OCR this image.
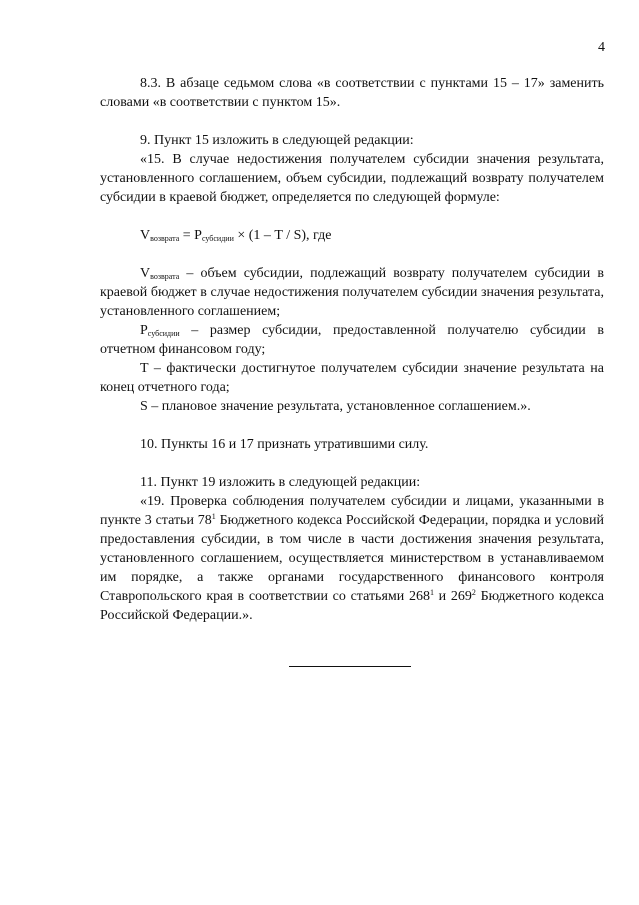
4

8.3. В абзаце седьмом слова «в соответствии с пунктами 15 – 17» заменить словами «в соответствии с пунктом 15».

9. Пункт 15 изложить в следующей редакции:

«15. В случае недостижения получателем субсидии значения результата, установленного соглашением, объем субсидии, подлежащий возврату получателем субсидии в краевой бюджет, определяется по следующей формуле:

$V_{возврата} = P_{субсидии} \times (1 - T / S)$, где

$V_{возврата}$ – объем субсидии, подлежащий возврату получателем субсидии в краевой бюджет в случае недостижения получателем субсидии значения результата, установленного соглашением;

$P_{субсидии}$ – размер субсидии, предоставленной получателю субсидии в отчетном финансовом году;

T – фактически достигнутое получателем субсидии значение результата на конец отчетного года;

S – плановое значение результата, установленное соглашением.».

10. Пункты 16 и 17 признать утратившими силу.

11. Пункт 19 изложить в следующей редакции:

«19. Проверка соблюдения получателем субсидии и лицами, указанными в пункте 3 статьи $78^1$ Бюджетного кодекса Российской Федерации, порядка и условий предоставления субсидии, в том числе в части достижения значения результата, установленного соглашением, осуществляется министерством в устанавливаемом им порядке, а также органами государственного финансового контроля Ставропольского края в соответствии со статьями $268^1$ и $269^2$ Бюджетного кодекса Российской Федерации.».
